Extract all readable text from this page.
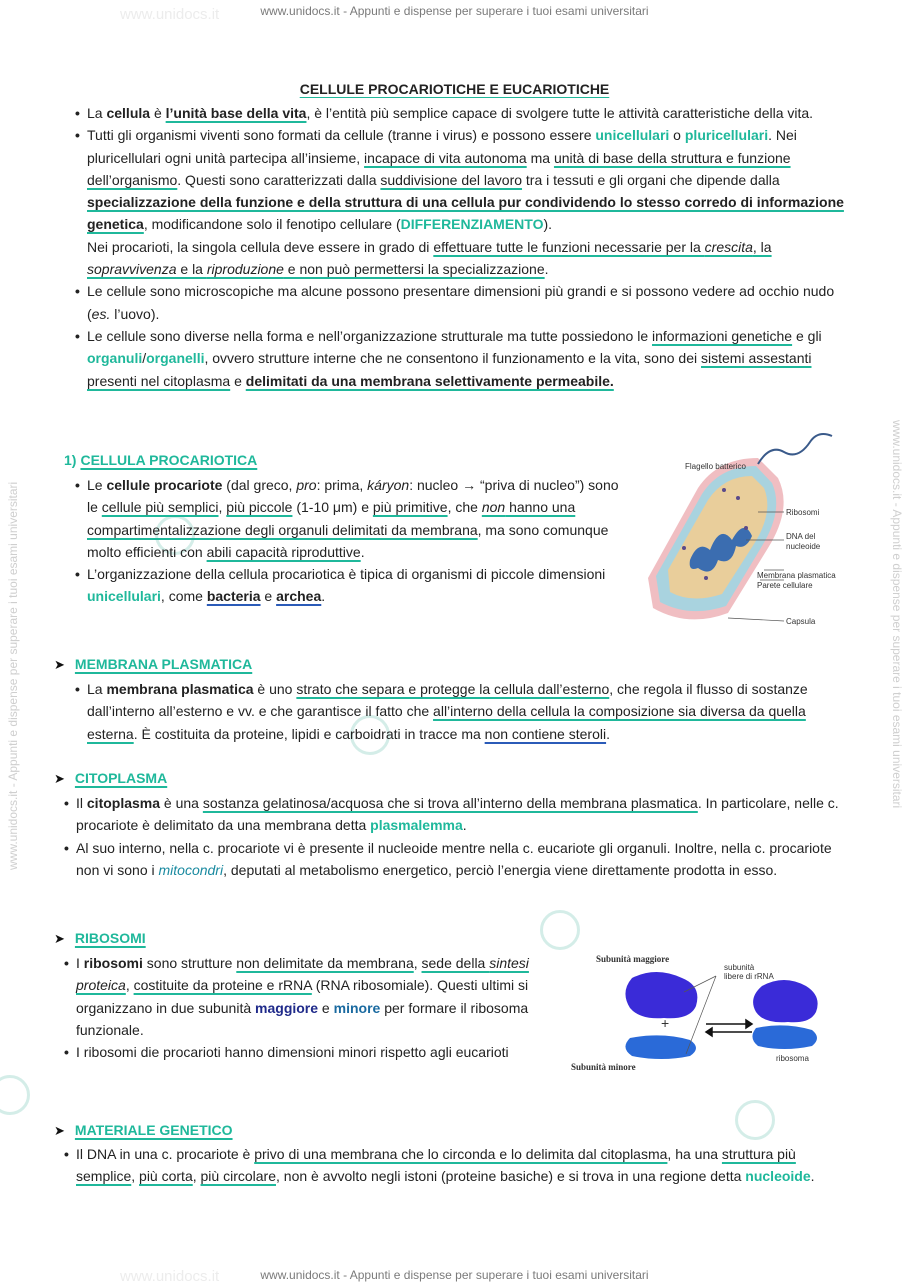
www.unidocs.it - Appunti e dispense per superare i tuoi esami universitari
www.unidocs.it - Appunti e dispense per superare i tuoi esami universitari
www.unidocs.it
www.unidocs.it
www.unidocs.it - Appunti e dispense per superare i tuoi esami universitari	www.unidocs.it - Appunti e dispense per superare i tuoi esami universitari
CELLULE PROCARIOTICHE E EUCARIOTICHE
• La cellula è l’unità base della vita, è l’entità più semplice capace di svolgere tutte le attività caratteristiche della vita.
• Tutti gli organismi viventi sono formati da cellule (tranne i virus) e possono essere unicellulari o pluricellulari. Nei pluricellulari ogni unità partecipa all’insieme, incapace di vita autonoma ma unità di base della struttura e funzione dell’organismo. Questi sono caratterizzati dalla suddivisione del lavoro tra i tessuti e gli organi che dipende dalla specializzazione della funzione e della struttura di una cellula pur condividendo lo stesso corredo di informazione genetica, modificandone solo il fenotipo cellulare (DIFFERENZIAMENTO).
Nei procarioti, la singola cellula deve essere in grado di effettuare tutte le funzioni necessarie per la crescita, la sopravvivenza e la riproduzione e non può permettersi la specializzazione.
• Le cellule sono microscopiche ma alcune possono presentare dimensioni più grandi e si possono vedere ad occhio nudo (es. l’uovo).
• Le cellule sono diverse nella forma e nell’organizzazione strutturale ma tutte possiedono le informazioni genetiche e gli organuli/organelli, ovvero strutture interne che ne consentono il funzionamento e la vita, sono dei sistemi assestanti presenti nel citoplasma e delimitati da una membrana selettivamente permeabile.
1) CELLULA PROCARIOTICA
• Le cellule procariote (dal greco, pro: prima, káryon: nucleo → “priva di nucleo”) sono le cellule più semplici, più piccole (1-10 μm) e più primitive, che non hanno una compartimentalizzazione degli organuli delimitati da membrana, ma sono comunque molto efficienti con abili capacità riproduttive.
• L’organizzazione della cellula procariotica è tipica di organismi di piccole dimensioni unicellulari, come bacteria e archea.
Flagello batterico
Ribosomi
DNA del
nucleoide
Membrana plasmatica
Parete cellulare
Capsula
➤ MEMBRANA PLASMATICA
• La membrana plasmatica è uno strato che separa e protegge la cellula dall’esterno, che regola il flusso di sostanze dall’interno all’esterno e vv. e che garantisce il fatto che all’interno della cellula la composizione sia diversa da quella esterna. È costituita da proteine, lipidi e carboidrati in tracce ma non contiene steroli.
➤ CITOPLASMA
• Il citoplasma è una sostanza gelatinosa/acquosa che si trova all’interno della membrana plasmatica. In particolare, nelle c. procariote è delimitato da una membrana detta plasmalemma.
• Al suo interno, nella c. procariote vi è presente il nucleoide mentre nella c. eucariote gli organuli. Inoltre, nella c. procariote non vi sono i mitocondri, deputati al metabolismo energetico, perciò l’energia viene direttamente prodotta in esso.
➤ RIBOSOMI
• I ribosomi sono strutture non delimitate da membrana, sede della sintesi proteica, costituite da proteine e rRNA (RNA ribosomiale). Questi ultimi si organizzano in due subunità maggiore e minore per formare il ribosoma funzionale.
• I ribosomi die procarioti hanno dimensioni minori rispetto agli eucarioti
Subunità maggiore
+
Subunità minore
subunità
libere di rRNA
ribosoma
➤ MATERIALE GENETICO
• Il DNA in una c. procariote è privo di una membrana che lo circonda e lo delimita dal citoplasma, ha una struttura più semplice, più corta, più circolare, non è avvolto negli istoni (proteine basiche) e si trova in una regione detta nucleoide.
